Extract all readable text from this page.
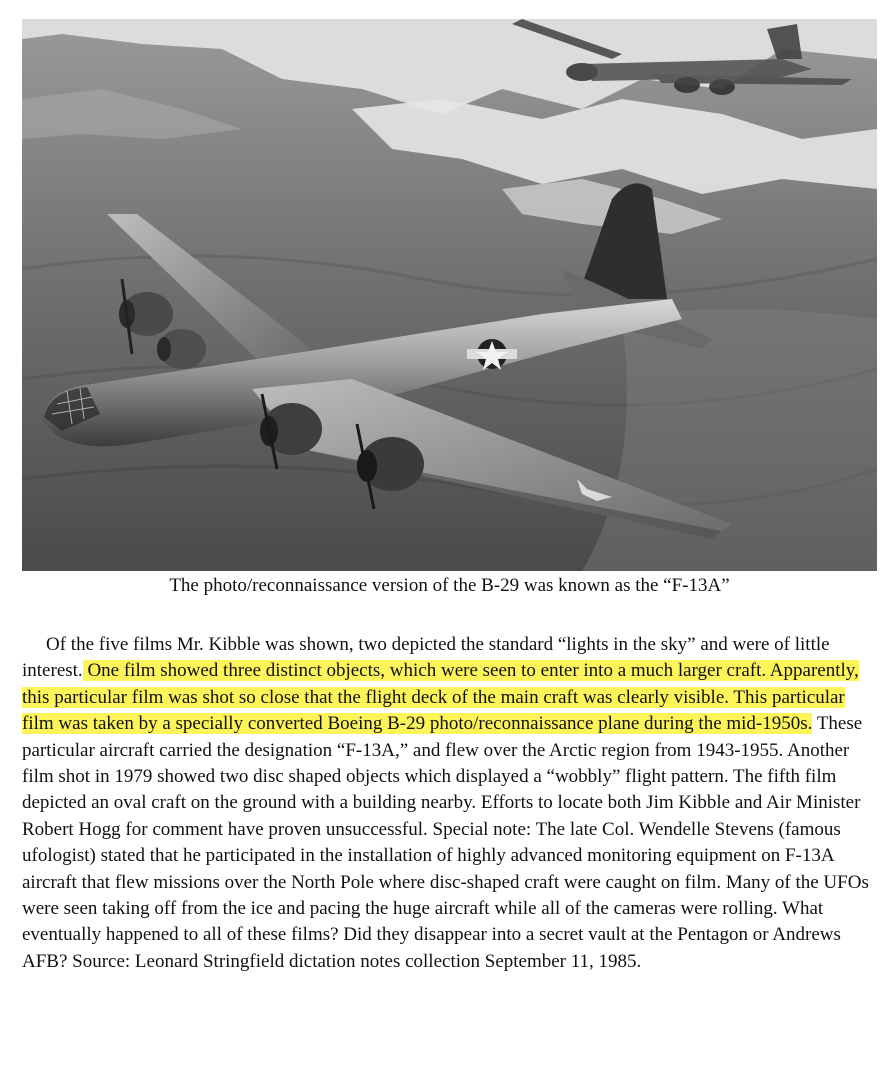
The photo/reconnaissance version of the B-29 was known as the “F-13A”

Of the five films Mr. Kibble was shown, two depicted the standard “lights in the sky” and were of little interest. One film showed three distinct objects, which were seen to enter into a much larger craft. Apparently, this particular film was shot so close that the flight deck of the main craft was clearly visible. This particular film was taken by a specially converted Boeing B-29 photo/reconnaissance plane during the mid-1950s. These particular aircraft carried the designation “F-13A,” and flew over the Arctic region from 1943-1955. Another film shot in 1979 showed two disc shaped objects which displayed a “wobbly” flight pattern. The fifth film depicted an oval craft on the ground with a building nearby. Efforts to locate both Jim Kibble and Air Minister Robert Hogg for comment have proven unsuccessful. Special note: The late Col. Wendelle Stevens (famous ufologist) stated that he participated in the installation of highly advanced monitoring equipment on F-13A aircraft that flew missions over the North Pole where disc-shaped craft were caught on film. Many of the UFOs were seen taking off from the ice and pacing the huge aircraft while all of the cameras were rolling. What eventually happened to all of these films? Did they disappear into a secret vault at the Pentagon or Andrews AFB? Source: Leonard Stringfield dictation notes collection September 11, 1985.
